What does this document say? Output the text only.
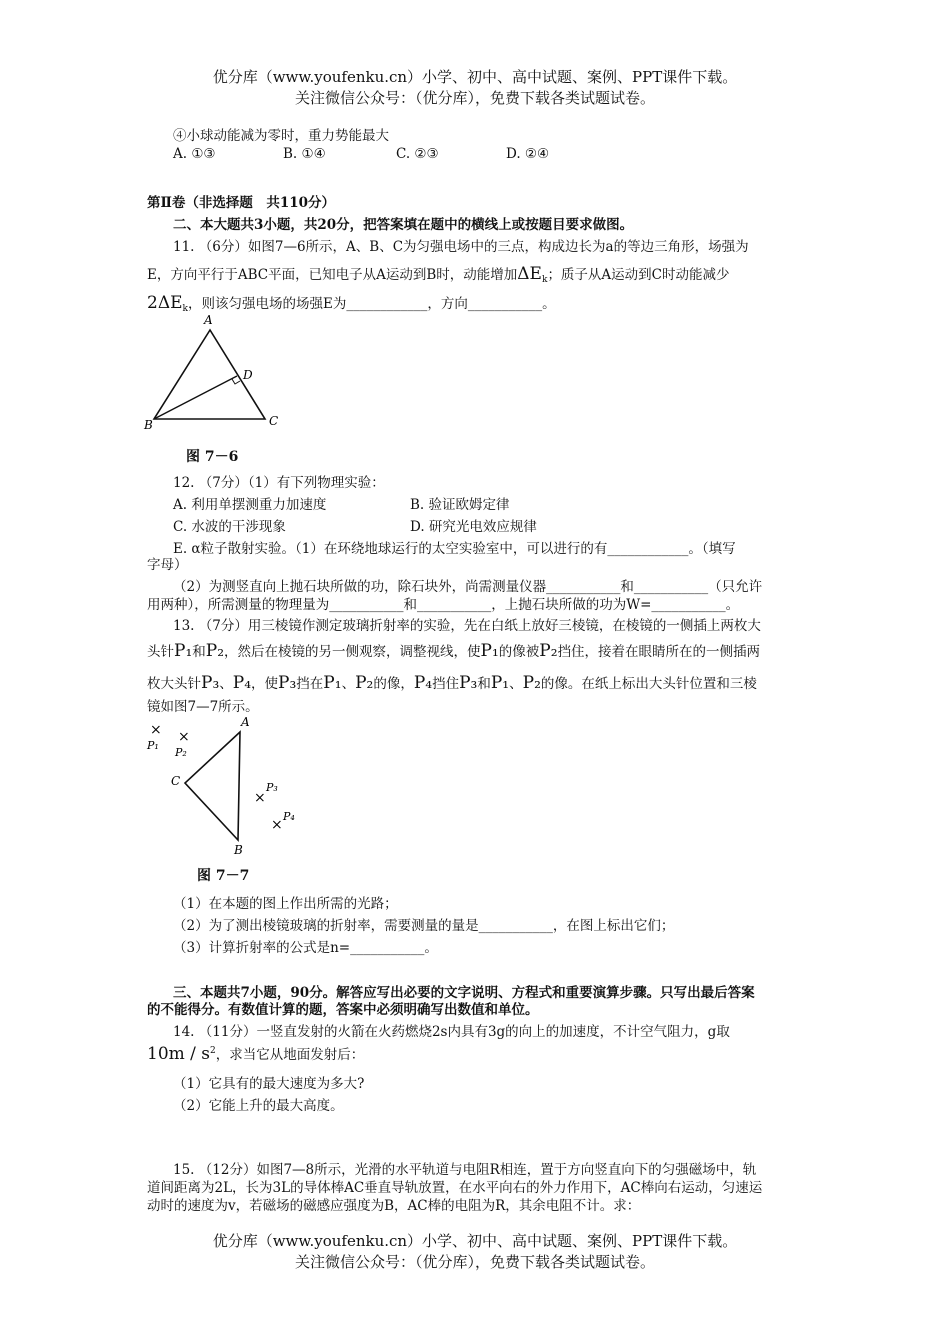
优分库（www.youfenku.cn）小学、初中、高中试题、案例、PPT课件下载。
关注微信公众号：（优分库），免费下载各类试题试卷。
④小球动能减为零时，重力势能最大
A. ①③	B. ①④	C. ②③	D. ②④
第Ⅱ卷（非选择题　共110分）
二、本大题共3小题，共20分，把答案填在题中的横线上或按题目要求做图。
11. （6分）如图7—6所示，A、B、C为匀强电场中的三点，构成边长为a的等边三角形，场强为
E，方向平行于ABC平面，已知电子从A运动到B时，动能增加$\Delta E_k$；质子从A运动到C时动能减少
$2\Delta E_k$，则该匀强电场的场强E为____________，方向___________。
A
D
B	C
图 7－6
12. （7分）（1）有下列物理实验：
A. 利用单摆测重力加速度	B. 验证欧姆定律
C. 水波的干涉现象	D. 研究光电效应规律
E. α粒子散射实验。（1）在环绕地球运行的太空实验室中，可以进行的有____________。（填写
字母）
（2）为测竖直向上抛石块所做的功，除石块外，尚需测量仪器___________和___________（只允许
用两种），所需测量的物理量为___________和___________，上抛石块所做的功为W=___________。
13. （7分）用三棱镜作测定玻璃折射率的实验，先在白纸上放好三棱镜，在棱镜的一侧插上两枚大
头针P₁和P₂，然后在棱镜的另一侧观察，调整视线，使P₁的像被P₂挡住，接着在眼睛所在的一侧插两
枚大头针P₃、P₄，使P₃挡在P₁、P₂的像，P₄挡住P₃和P₁、P₂的像。在纸上标出大头针位置和三棱
镜如图7—7所示。
A
C
B
×
P₁
×
P₂
×
P₃
×
P₄
图 7－7
（1）在本题的图上作出所需的光路；
（2）为了测出棱镜玻璃的折射率，需要测量的量是___________，在图上标出它们；
（3）计算折射率的公式是n=___________。
三、本题共7小题，90分。解答应写出必要的文字说明、方程式和重要演算步骤。只写出最后答案
的不能得分。有数值计算的题，答案中必须明确写出数值和单位。
14. （11分）一竖直发射的火箭在火药燃烧2s内具有3g的向上的加速度，不计空气阻力，g取
$10m / s^2$，求当它从地面发射后：
（1）它具有的最大速度为多大?
（2）它能上升的最大高度。
15. （12分）如图7—8所示，光滑的水平轨道与电阻R相连，置于方向竖直向下的匀强磁场中，轨
道间距离为2L，长为3L的导体棒AC垂直导轨放置，在水平向右的外力作用下，AC棒向右运动，匀速运
动时的速度为v，若磁场的磁感应强度为B，AC棒的电阻为R，其余电阻不计。求：
优分库（www.youfenku.cn）小学、初中、高中试题、案例、PPT课件下载。
关注微信公众号：（优分库），免费下载各类试题试卷。
